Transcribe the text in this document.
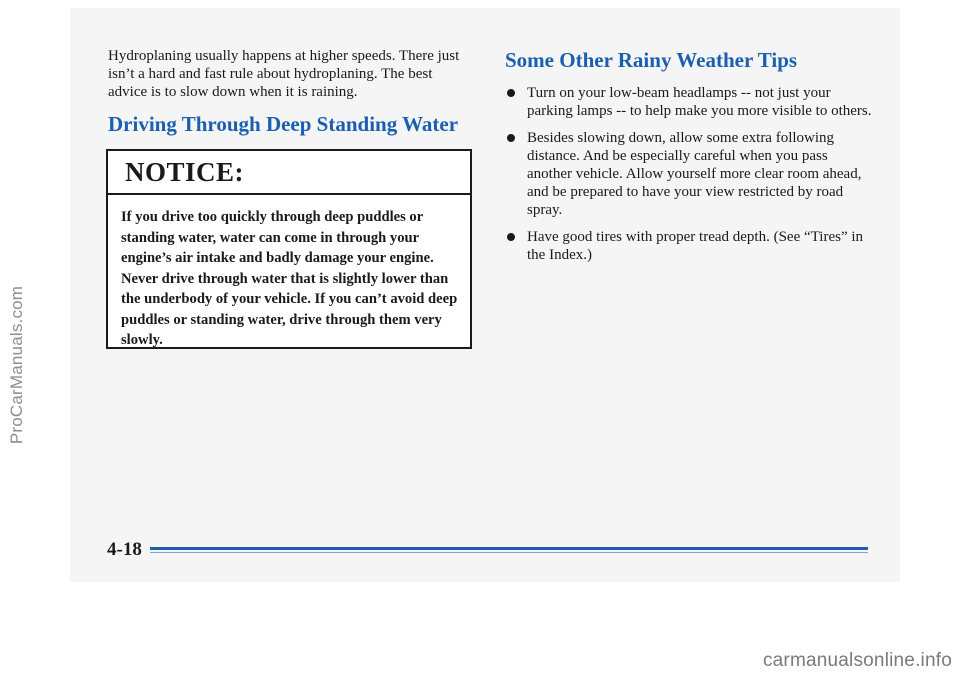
ProCarManuals.com

Hydroplaning usually happens at higher speeds. There just isn’t a hard and fast rule about hydroplaning. The best advice is to slow down when it is raining.

Driving Through Deep Standing Water
NOTICE:

If you drive too quickly through deep puddles or standing water, water can come in through your engine’s air intake and badly damage your engine. Never drive through water that is slightly lower than the underbody of your vehicle. If you can’t avoid deep puddles or standing water, drive through them very slowly.

Some Other Rainy Weather Tips
Turn on your low-beam headlamps -- not just your parking lamps -- to help make you more visible to others.
Besides slowing down, allow some extra following distance. And be especially careful when you pass another vehicle. Allow yourself more clear room ahead, and be prepared to have your view restricted by road spray.
Have good tires with proper tread depth. (See “Tires” in the Index.)

4-18

carmanualsonline.info
